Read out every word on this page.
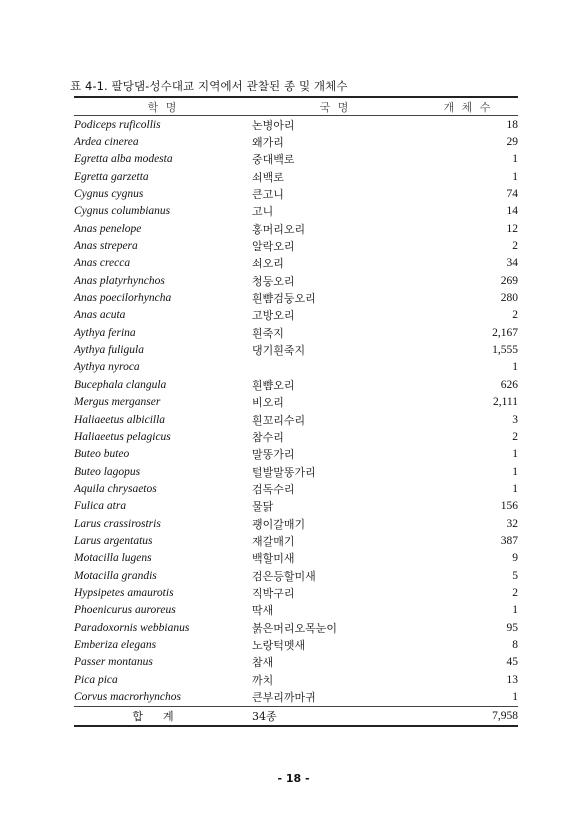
표 4-1. 팔당댐-성수대교 지역에서 관찰된 종 및 개체수
학 명	국 명	개 체 수
Podiceps ruficollis	논병아리	18
Ardea cinerea	왜가리	29
Egretta alba modesta	중대백로	1
Egretta garzetta	쇠백로	1
Cygnus cygnus	큰고니	74
Cygnus columbianus	고니	14
Anas penelope	홍머리오리	12
Anas strepera	알락오리	2
Anas crecca	쇠오리	34
Anas platyrhynchos	청둥오리	269
Anas poecilorhyncha	흰뺨검둥오리	280
Anas acuta	고방오리	2
Aythya ferina	흰죽지	2,167
Aythya fuligula	댕기흰죽지	1,555
Aythya nyroca		1
Bucephala clangula	흰뺨오리	626
Mergus merganser	비오리	2,111
Haliaeetus albicilla	흰꼬리수리	3
Haliaeetus pelagicus	참수리	2
Buteo buteo	말똥가리	1
Buteo lagopus	털발말똥가리	1
Aquila chrysaetos	검독수리	1
Fulica atra	물닭	156
Larus crassirostris	괭이갈매기	32
Larus argentatus	재갈매기	387
Motacilla lugens	백할미새	9
Motacilla grandis	검은등할미새	5
Hypsipetes amaurotis	직박구리	2
Phoenicurus auroreus	딱새	1
Paradoxornis webbianus	붉은머리오목눈이	95
Emberiza elegans	노랑턱멧새	8
Passer montanus	참새	45
Pica pica	까치	13
Corvus macrorhynchos	큰부리까마귀	1
합계	34종	7,958
- 18 -
